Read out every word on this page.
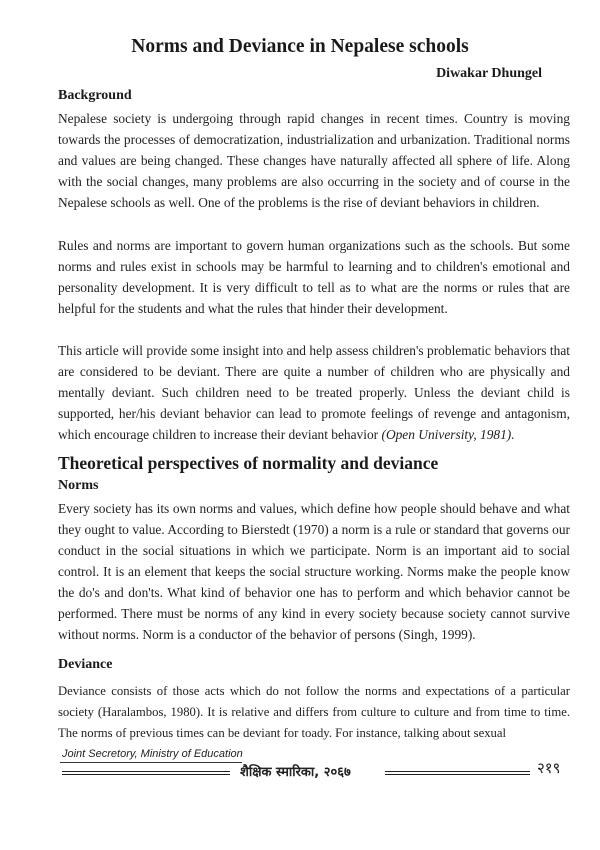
Norms and Deviance in Nepalese schools
Diwakar Dhungel
Background

Nepalese society is undergoing through rapid changes in recent times. Country is moving towards the processes of democratization, industrialization and urbanization. Traditional norms and values are being changed. These changes have naturally affected all sphere of life. Along with the social changes, many problems are also occurring in the society and of course in the Nepalese schools as well. One of the problems is the rise of deviant behaviors in children.

Rules and norms are important to govern human organizations such as the schools. But some norms and rules exist in schools may be harmful to learning and to children's emotional and personality development. It is very difficult to tell as to what are the norms or rules that are helpful for the students and what the rules that hinder their development.

This article will provide some insight into and help assess children's problematic behaviors that are considered to be deviant. There are quite a number of children who are physically and mentally deviant. Such children need to be treated properly. Unless the deviant child is supported, her/his deviant behavior can lead to promote feelings of revenge and antagonism, which encourage children to increase their deviant behavior (Open University, 1981).

Theoretical perspectives of normality and deviance
Norms

Every society has its own norms and values, which define how people should behave and what they ought to value. According to Bierstedt (1970) a norm is a rule or standard that governs our conduct in the social situations in which we participate. Norm is an important aid to social control. It is an element that keeps the social structure working. Norms make the people know the do's and don'ts. What kind of behavior one has to perform and which behavior cannot be performed. There must be norms of any kind in every society because society cannot survive without norms. Norm is a conductor of the behavior of persons (Singh, 1999).

Deviance

Deviance consists of those acts which do not follow the norms and expectations of a particular society (Haralambos, 1980). It is relative and differs from culture to culture and from time to time. The norms of previous times can be deviant for toady. For instance, talking about sexual

Joint Secretory, Ministry of Education
शैक्षिक स्मारिका, २०६७	२१९
